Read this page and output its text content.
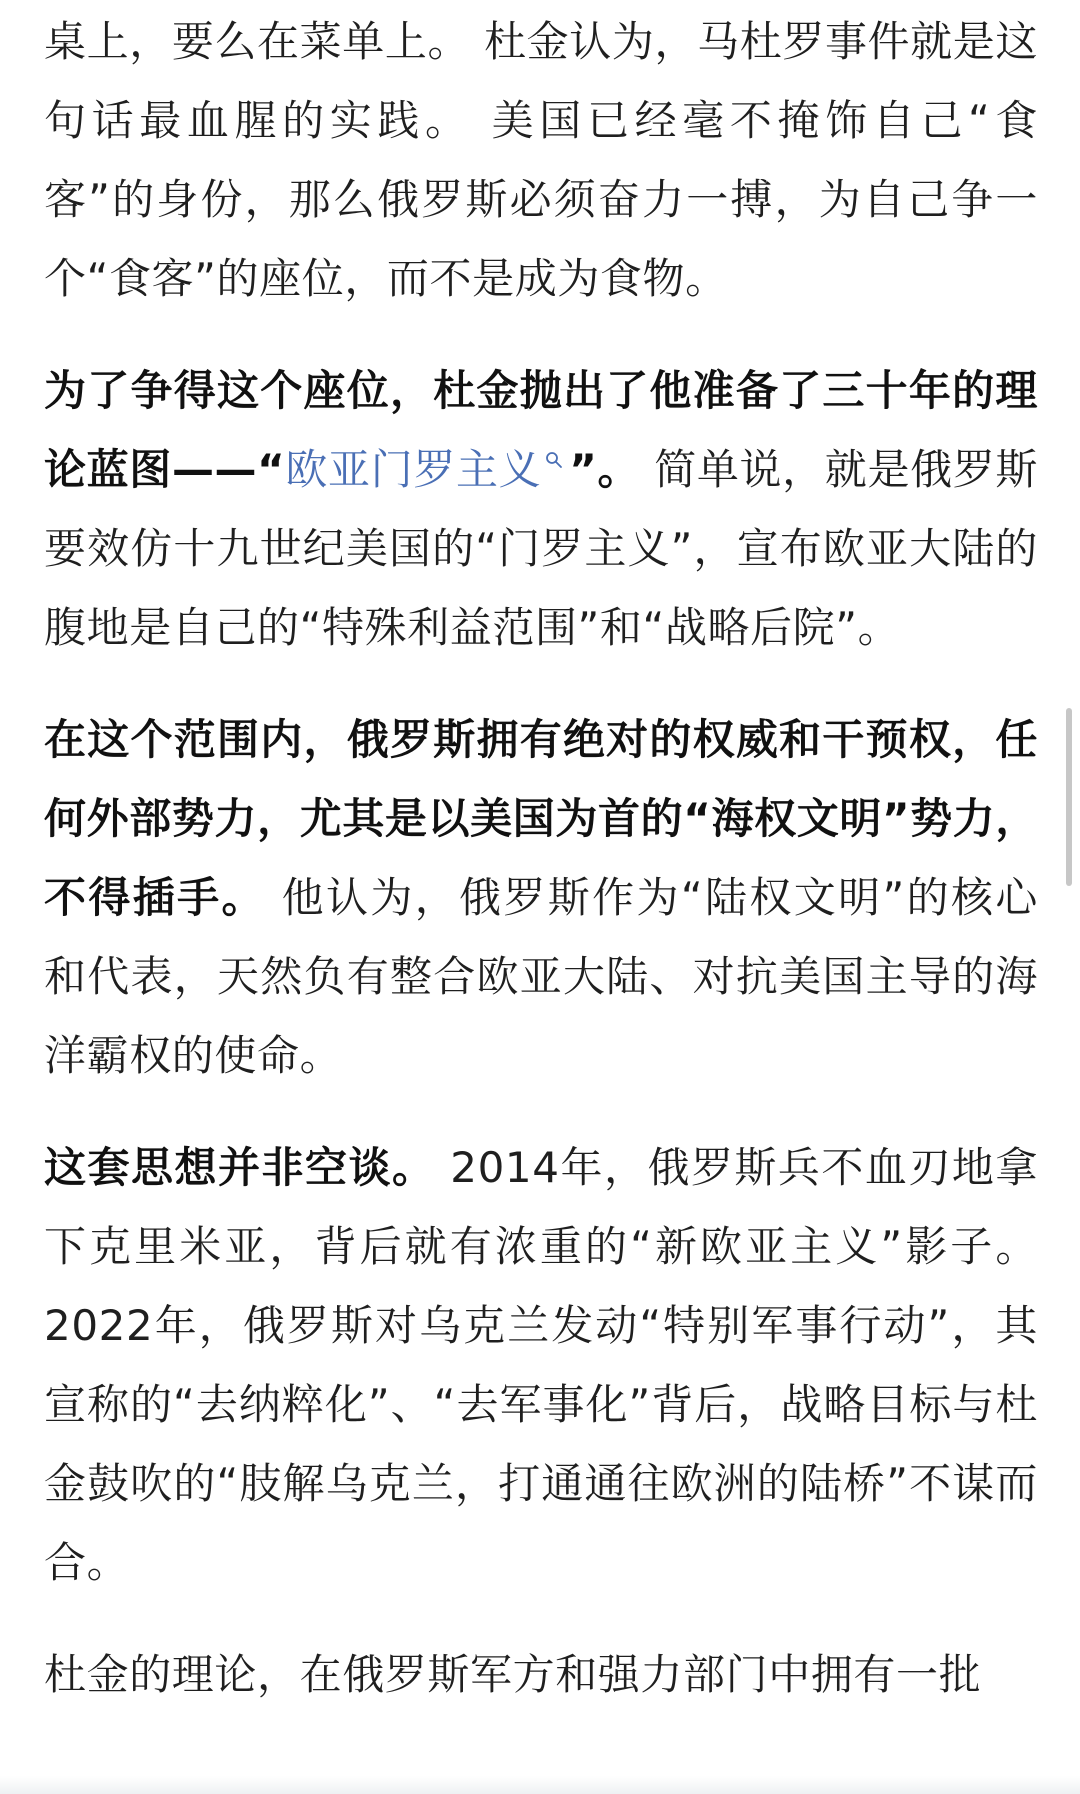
桌上，要么在菜单上。 杜金认为，马杜罗事件就是这句话最血腥的实践。 美国已经毫不掩饰自己“食客”的身份，那么俄罗斯必须奋力一搏，为自己争一个“食客”的座位，而不是成为食物。

为了争得这个座位，杜金抛出了他准备了三十年的理论蓝图——“欧亚门罗主义 ”。 简单说，就是俄罗斯要效仿十九世纪美国的“门罗主义”，宣布欧亚大陆的腹地是自己的“特殊利益范围”和“战略后院”。

在这个范围内，俄罗斯拥有绝对的权威和干预权，任何外部势力，尤其是以美国为首的“海权文明”势力，不得插手。 他认为，俄罗斯作为“陆权文明”的核心和代表，天然负有整合欧亚大陆、对抗美国主导的海洋霸权的使命。

这套思想并非空谈。 2014年，俄罗斯兵不血刃地拿下克里米亚，背后就有浓重的“新欧亚主义”影子。 2022年，俄罗斯对乌克兰发动“特别军事行动”，其宣称的“去纳粹化”、“去军事化”背后，战略目标与杜金鼓吹的“肢解乌克兰，打通通往欧洲的陆桥”不谋而合。

杜金的理论，在俄罗斯军方和强力部门中拥有一批
